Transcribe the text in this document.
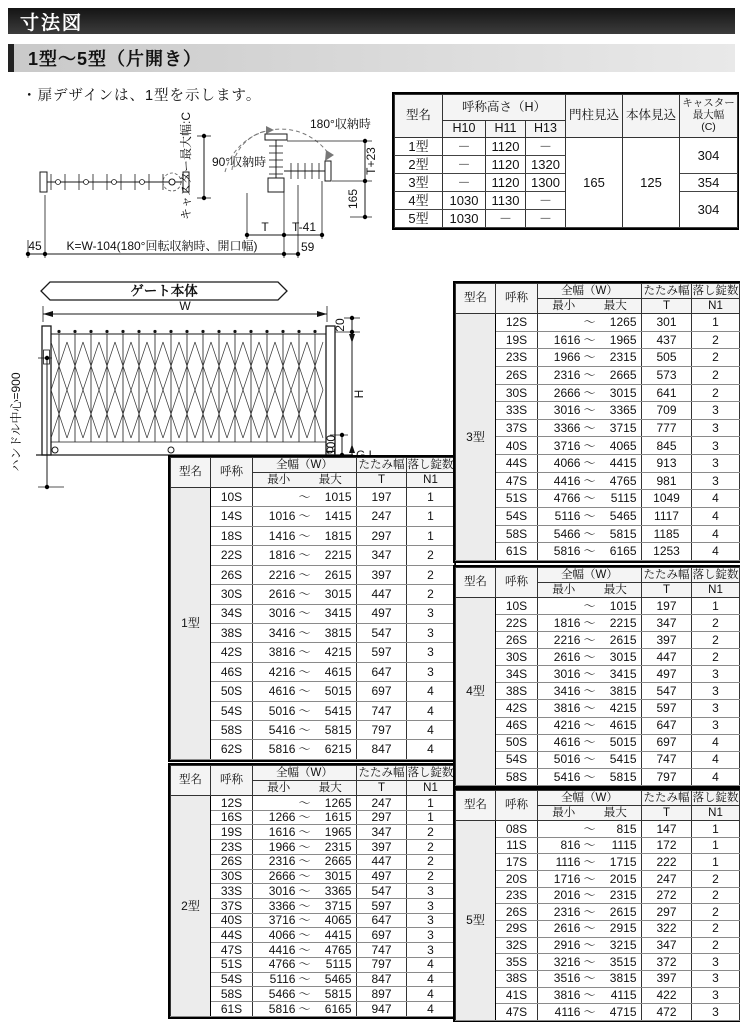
寸法図
1型～5型（片開き）
・扉デザインは、1型を示します。
キャスター最大幅:C 90°収納時
180°収納時
T+23
165
T T-41
45 K=W-104(180°回転収納時、開口幅)	59
ゲート本体
W
20
H
100
ハンドル中心=900
型名	呼称高さ（H）			門柱見込	本体見込	キャスター
最大幅
(C)

	H10	H11	H13			
1型	－	1120	－	165	125	304
2型	－	1120	1320			
3型	－	1120	1300			354
4型	1030	1130	－			304
5型	1030	－	－			
型名	呼称	全幅（W）	たたみ幅	落し錠数

		最小 最大	T	N1
1型	10S	～ 1015	197	1
	14S	1016 ～ 1415	247	1
	18S	1416 ～ 1815	297	1
	22S	1816 ～ 2215	347	2
	26S	2216 ～ 2615	397	2
	30S	2616 ～ 3015	447	2
	34S	3016 ～ 3415	497	3
	38S	3416 ～ 3815	547	3
	42S	3816 ～ 4215	597	3
	46S	4216 ～ 4615	647	3
	50S	4616 ～ 5015	697	4
	54S	5016 ～ 5415	747	4
	58S	5416 ～ 5815	797	4
	62S	5816 ～ 6215	847	4
型名	呼称	全幅（W）	たたみ幅	落し錠数

		最小 最大	T	N1
2型	12S	～ 1265	247	1
	16S	1266 ～ 1615	297	1
	19S	1616 ～ 1965	347	2
	23S	1966 ～ 2315	397	2
	26S	2316 ～ 2665	447	2
	30S	2666 ～ 3015	497	2
	33S	3016 ～ 3365	547	3
	37S	3366 ～ 3715	597	3
	40S	3716 ～ 4065	647	3
	44S	4066 ～ 4415	697	3
	47S	4416 ～ 4765	747	3
	51S	4766 ～ 5115	797	4
	54S	5116 ～ 5465	847	4
	58S	5466 ～ 5815	897	4
	61S	5816 ～ 6165	947	4
型名	呼称	全幅（W）	たたみ幅	落し錠数

		最小 最大	T	N1
3型	12S	～ 1265	301	1
	19S	1616 ～ 1965	437	2
	23S	1966 ～ 2315	505	2
	26S	2316 ～ 2665	573	2
	30S	2666 ～ 3015	641	2
	33S	3016 ～ 3365	709	3
	37S	3366 ～ 3715	777	3
	40S	3716 ～ 4065	845	3
	44S	4066 ～ 4415	913	3
	47S	4416 ～ 4765	981	3
	51S	4766 ～ 5115	1049	4
	54S	5116 ～ 5465	1117	4
	58S	5466 ～ 5815	1185	4
	61S	5816 ～ 6165	1253	4
型名	呼称	全幅（W）	たたみ幅	落し錠数

		最小 最大	T	N1
4型	10S	～ 1015	197	1
	22S	1816 ～ 2215	347	2
	26S	2216 ～ 2615	397	2
	30S	2616 ～ 3015	447	2
	34S	3016 ～ 3415	497	3
	38S	3416 ～ 3815	547	3
	42S	3816 ～ 4215	597	3
	46S	4216 ～ 4615	647	3
	50S	4616 ～ 5015	697	4
	54S	5016 ～ 5415	747	4
	58S	5416 ～ 5815	797	4
型名	呼称	全幅（W）	たたみ幅	落し錠数

		最小 最大	T	N1
5型	08S	～ 815	147	1
	11S	816 ～ 1115	172	1
	17S	1116 ～ 1715	222	1
	20S	1716 ～ 2015	247	2
	23S	2016 ～ 2315	272	2
	26S	2316 ～ 2615	297	2
	29S	2616 ～ 2915	322	2
	32S	2916 ～ 3215	347	2
	35S	3216 ～ 3515	372	3
	38S	3516 ～ 3815	397	3
	41S	3816 ～ 4115	422	3
	47S	4116 ～ 4715	472	3
